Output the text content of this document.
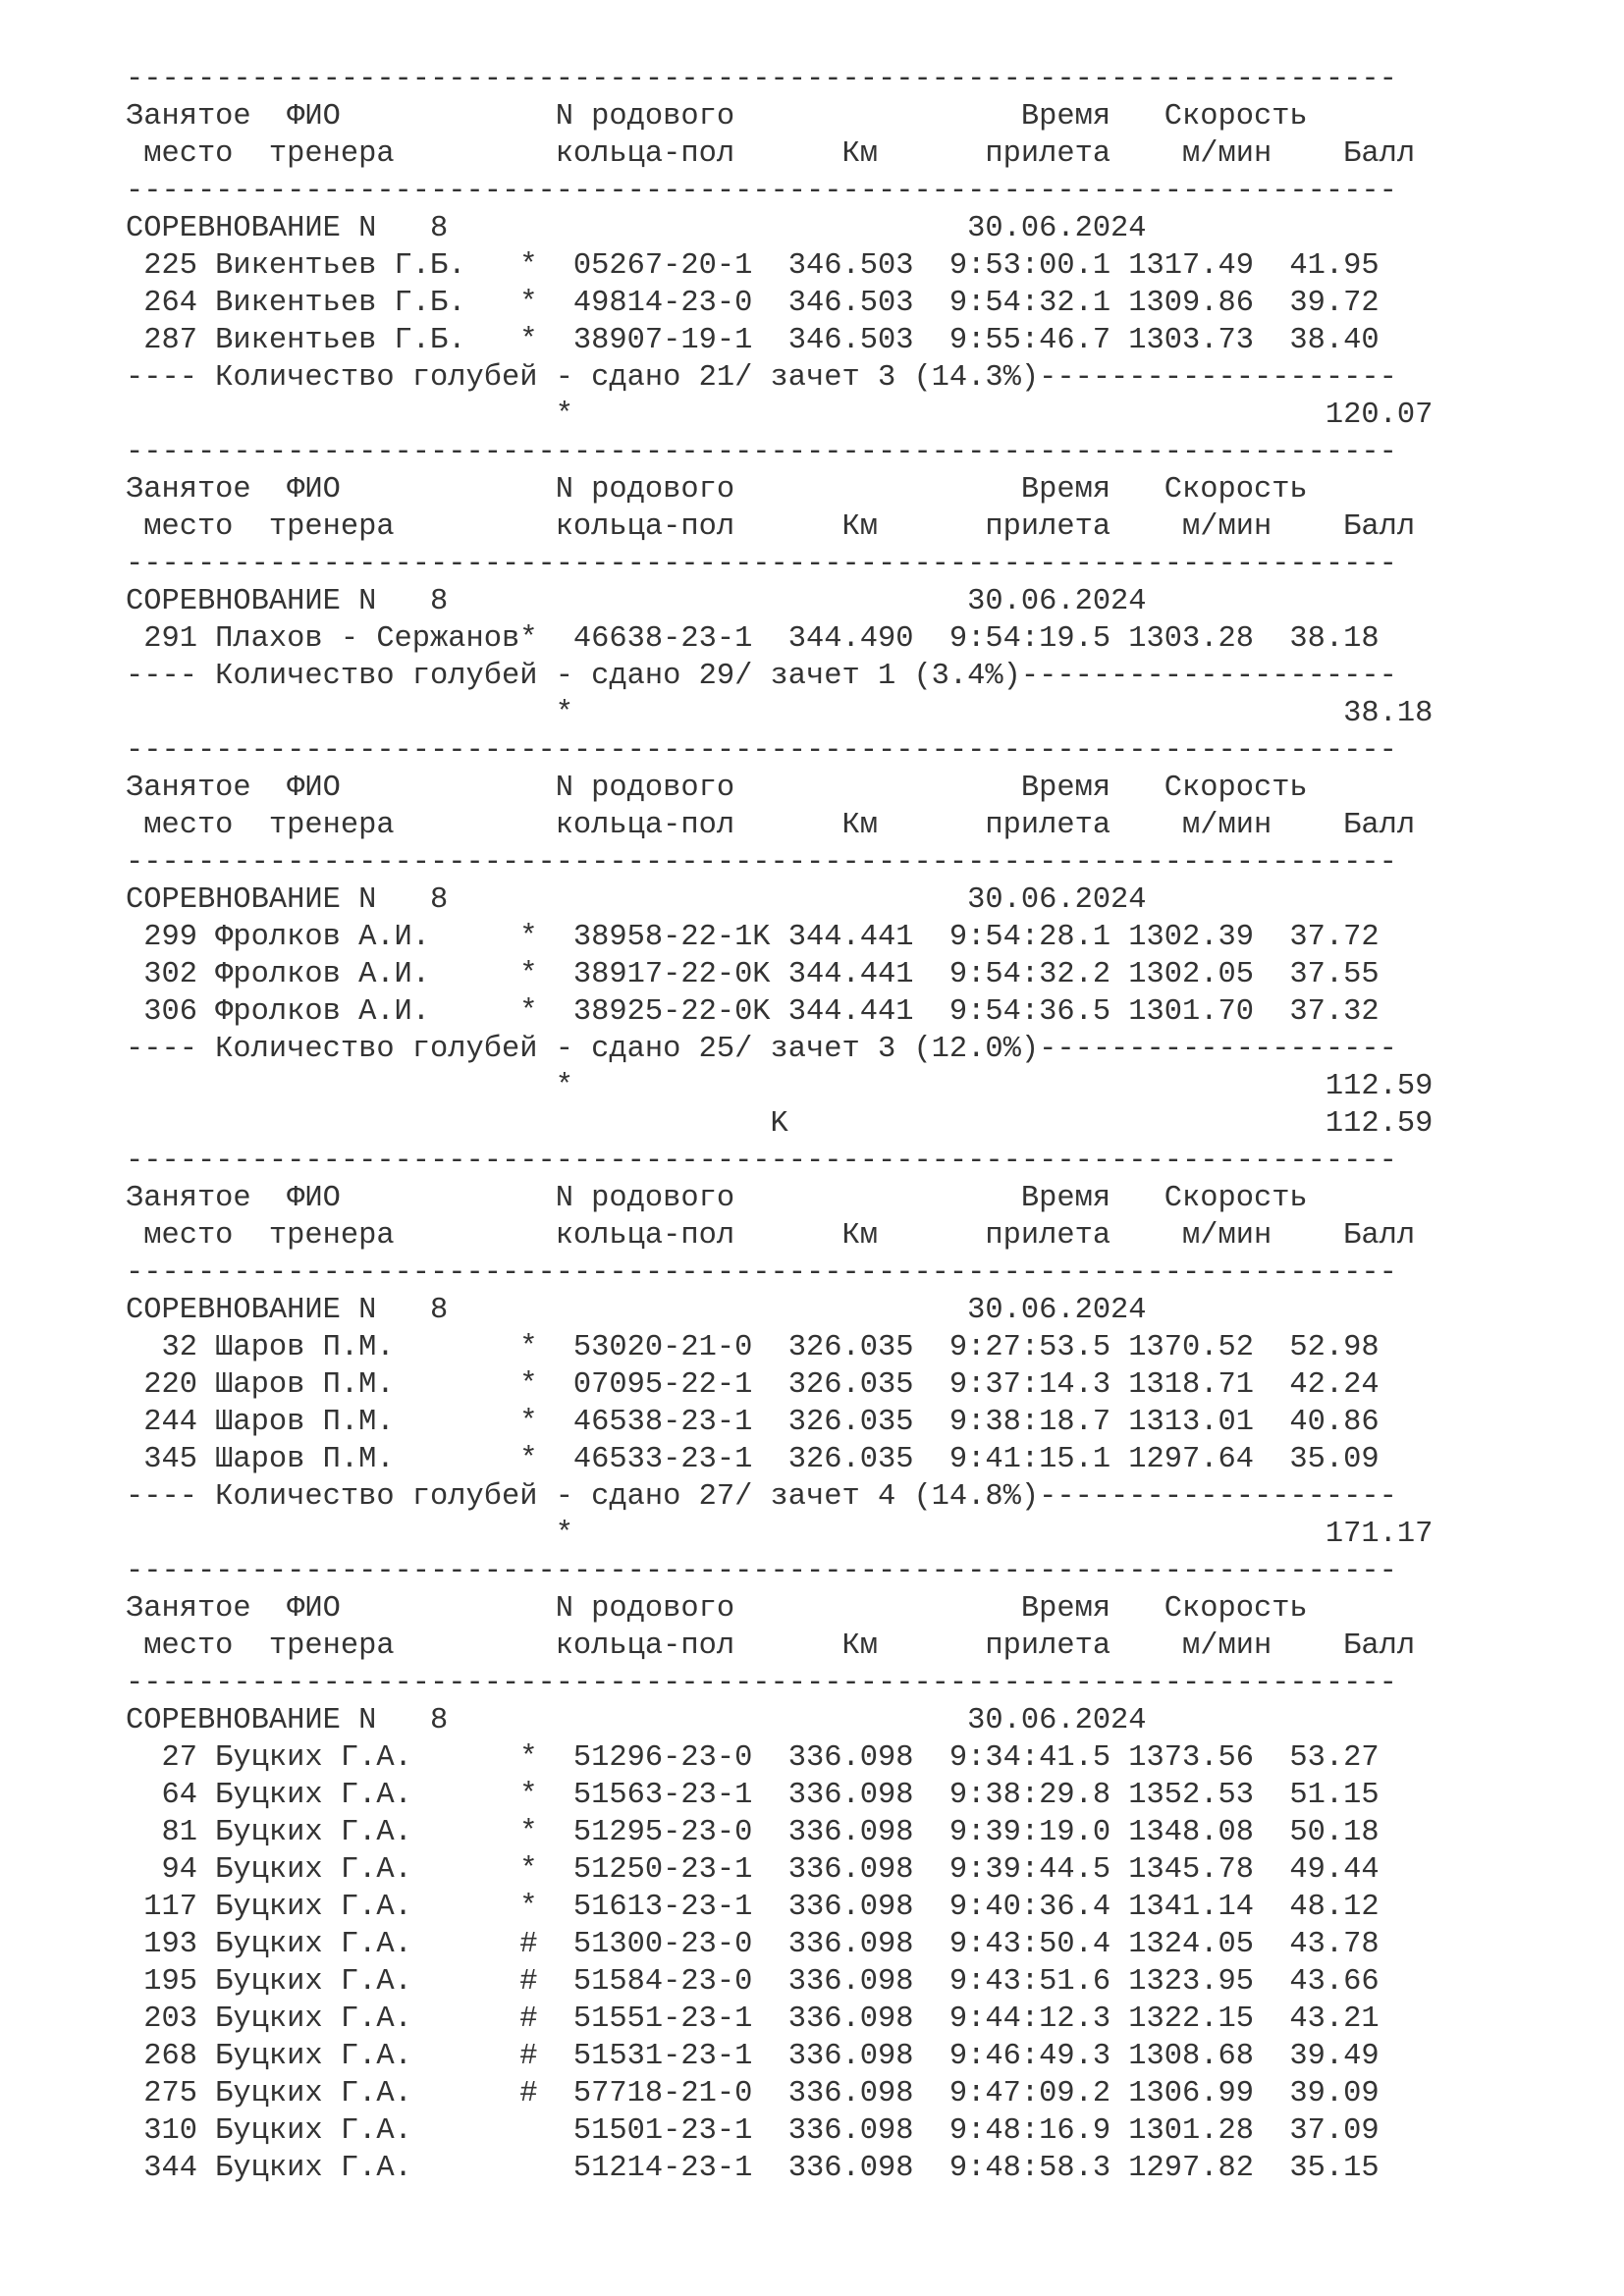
-----------------------------------------------------------------------
Занятое  ФИО            N родового                Время   Скорость
место  тренера         кольца-пол      Км      прилета    м/мин    Балл
-----------------------------------------------------------------------
СОРЕВНОВАНИЕ N   8                             30.06.2024
225 Викентьев Г.Б.   *  05267-20-1  346.503  9:53:00.1 1317.49  41.95
264 Викентьев Г.Б.   *  49814-23-0  346.503  9:54:32.1 1309.86  39.72
287 Викентьев Г.Б.   *  38907-19-1  346.503  9:55:46.7 1303.73  38.40
---- Количество голубей - сдано 21/ зачет 3 (14.3%)--------------------
*                                          120.07
-----------------------------------------------------------------------
Занятое  ФИО            N родового                Время   Скорость
место  тренера         кольца-пол      Км      прилета    м/мин    Балл
-----------------------------------------------------------------------
СОРЕВНОВАНИЕ N   8                             30.06.2024
291 Плахов - Сержанов*  46638-23-1  344.490  9:54:19.5 1303.28  38.18
---- Количество голубей - сдано 29/ зачет 1 (3.4%)---------------------
*                                           38.18
-----------------------------------------------------------------------
Занятое  ФИО            N родового                Время   Скорость
место  тренера         кольца-пол      Км      прилета    м/мин    Балл
-----------------------------------------------------------------------
СОРЕВНОВАНИЕ N   8                             30.06.2024
299 Фролков А.И.     *  38958-22-1K 344.441  9:54:28.1 1302.39  37.72
302 Фролков А.И.     *  38917-22-0K 344.441  9:54:32.2 1302.05  37.55
306 Фролков А.И.     *  38925-22-0K 344.441  9:54:36.5 1301.70  37.32
---- Количество голубей - сдано 25/ зачет 3 (12.0%)--------------------
*                                          112.59
K                              112.59
-----------------------------------------------------------------------
Занятое  ФИО            N родового                Время   Скорость
место  тренера         кольца-пол      Км      прилета    м/мин    Балл
-----------------------------------------------------------------------
СОРЕВНОВАНИЕ N   8                             30.06.2024
32 Шаров П.М.       *  53020-21-0  326.035  9:27:53.5 1370.52  52.98
220 Шаров П.М.       *  07095-22-1  326.035  9:37:14.3 1318.71  42.24
244 Шаров П.М.       *  46538-23-1  326.035  9:38:18.7 1313.01  40.86
345 Шаров П.М.       *  46533-23-1  326.035  9:41:15.1 1297.64  35.09
---- Количество голубей - сдано 27/ зачет 4 (14.8%)--------------------
*                                          171.17
-----------------------------------------------------------------------
Занятое  ФИО            N родового                Время   Скорость
место  тренера         кольца-пол      Км      прилета    м/мин    Балл
-----------------------------------------------------------------------
СОРЕВНОВАНИЕ N   8                             30.06.2024
27 Буцких Г.А.      *  51296-23-0  336.098  9:34:41.5 1373.56  53.27
64 Буцких Г.А.      *  51563-23-1  336.098  9:38:29.8 1352.53  51.15
81 Буцких Г.А.      *  51295-23-0  336.098  9:39:19.0 1348.08  50.18
94 Буцких Г.А.      *  51250-23-1  336.098  9:39:44.5 1345.78  49.44
117 Буцких Г.А.      *  51613-23-1  336.098  9:40:36.4 1341.14  48.12
193 Буцких Г.А.      #  51300-23-0  336.098  9:43:50.4 1324.05  43.78
195 Буцких Г.А.      #  51584-23-0  336.098  9:43:51.6 1323.95  43.66
203 Буцких Г.А.      #  51551-23-1  336.098  9:44:12.3 1322.15  43.21
268 Буцких Г.А.      #  51531-23-1  336.098  9:46:49.3 1308.68  39.49
275 Буцких Г.А.      #  57718-21-0  336.098  9:47:09.2 1306.99  39.09
310 Буцких Г.А.         51501-23-1  336.098  9:48:16.9 1301.28  37.09
344 Буцких Г.А.         51214-23-1  336.098  9:48:58.3 1297.82  35.15
